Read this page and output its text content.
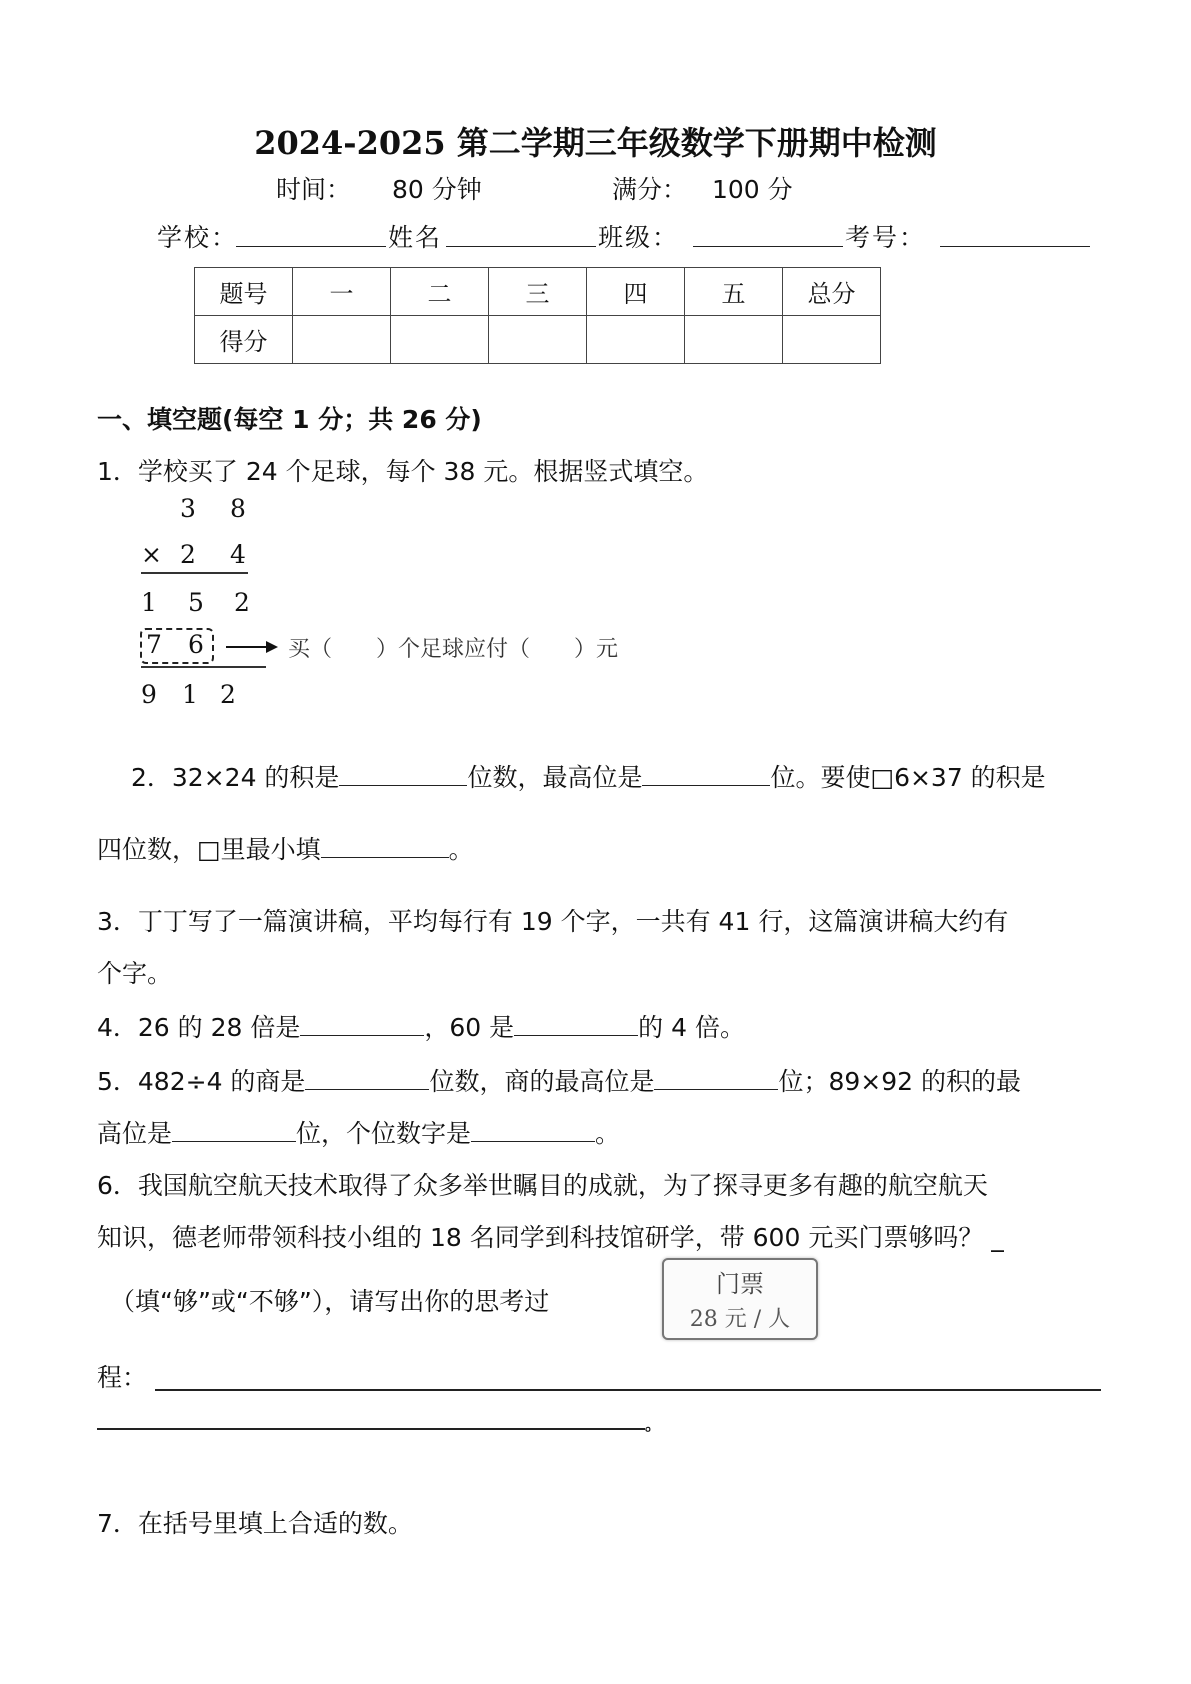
2024-2025 第二学期三年级数学下册期中检测
时间： 80 分钟	满分： 100 分
学校：	姓名	班级：	考号：
题号	一	二	三	四	五	总分
得分						
一、填空题(每空 1 分；共 26 分)
1．学校买了 24 个足球，每个 38 元。根据竖式填空。
3 8
× 2 4
1 5 2
7 6	买（　　）个足球应付（　　）元
9 1 2
2．32×24 的积是	位数，最高位是	位。要使□6×37 的积是
四位数，□里最小填	。
3．丁丁写了一篇演讲稿，平均每行有 19 个字，一共有 41 行，这篇演讲稿大约有
个字。
4．26 的 28 倍是	，60 是	的 4 倍。
5．482÷4 的商是	位数，商的最高位是	位；89×92 的积的最
高位是	位，个位数字是	。
6．我国航空航天技术取得了众多举世瞩目的成就，为了探寻更多有趣的航空航天
知识，德老师带领科技小组的 18 名同学到科技馆研学，带 600 元买门票够吗？ _
（填“够”或“不够”），请写出你的思考过
门票
28 元 / 人
程：
。
7．在括号里填上合适的数。
